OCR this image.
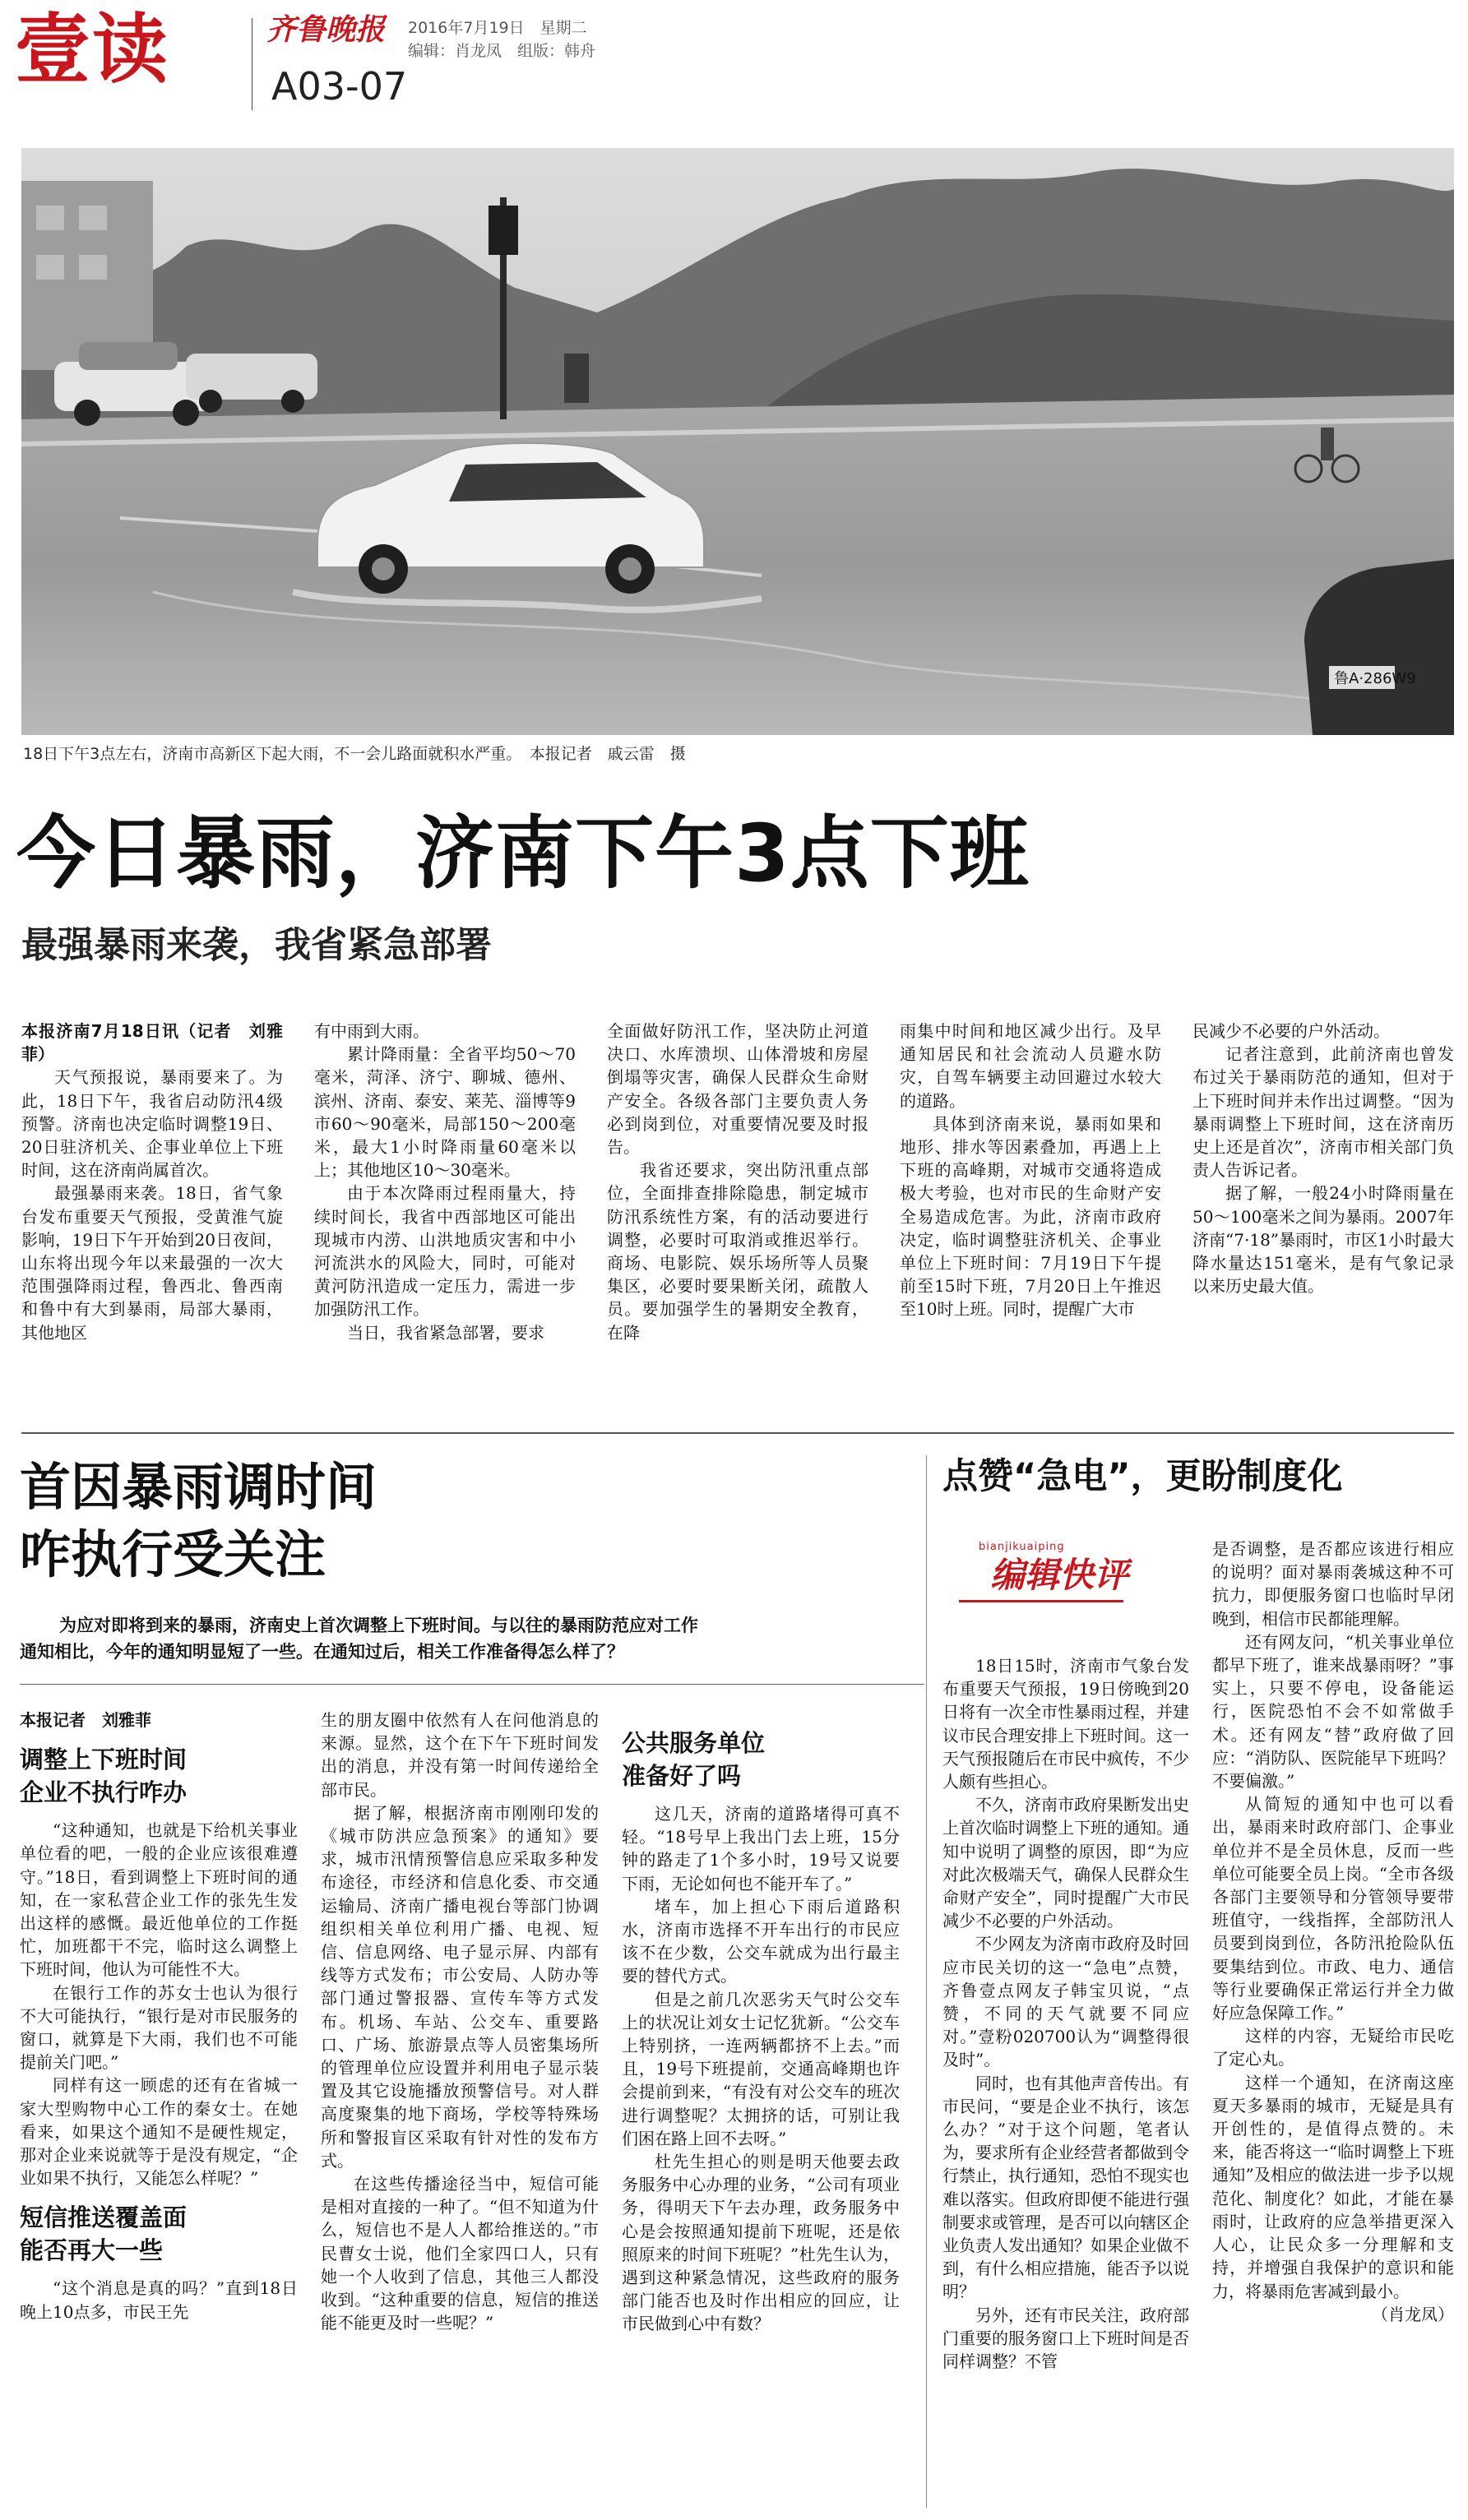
壹读	齐鲁晚报 2016年7月19日　星期二
编辑：肖龙凤　组版：韩舟
A03-07
鲁A·286W9
18日下午3点左右，济南市高新区下起大雨，不一会儿路面就积水严重。　本报记者　戚云雷　摄
今日暴雨，济南下午3点下班
最强暴雨来袭，我省紧急部署

本报济南7月18日讯（记者　刘雅菲）

天气预报说，暴雨要来了。为此，18日下午，我省启动防汛4级预警。济南也决定临时调整19日、20日驻济机关、企事业单位上下班时间，这在济南尚属首次。

最强暴雨来袭。18日，省气象台发布重要天气预报，受黄淮气旋影响，19日下午开始到20日夜间，山东将出现今年以来最强的一次大范围强降雨过程，鲁西北、鲁西南和鲁中有大到暴雨，局部大暴雨，其他地区

有中雨到大雨。

累计降雨量：全省平均50～70毫米，菏泽、济宁、聊城、德州、滨州、济南、泰安、莱芜、淄博等9市60～90毫米，局部150～200毫米，最大1小时降雨量60毫米以上；其他地区10～30毫米。

由于本次降雨过程雨量大，持续时间长，我省中西部地区可能出现城市内涝、山洪地质灾害和中小河流洪水的风险大，同时，可能对黄河防汛造成一定压力，需进一步加强防汛工作。

当日，我省紧急部署，要求

全面做好防汛工作，坚决防止河道决口、水库溃坝、山体滑坡和房屋倒塌等灾害，确保人民群众生命财产安全。各级各部门主要负责人务必到岗到位，对重要情况要及时报告。

我省还要求，突出防汛重点部位，全面排查排除隐患，制定城市防汛系统性方案，有的活动要进行调整，必要时可取消或推迟举行。商场、电影院、娱乐场所等人员聚集区，必要时要果断关闭，疏散人员。要加强学生的暑期安全教育，在降

雨集中时间和地区减少出行。及早通知居民和社会流动人员避水防灾，自驾车辆要主动回避过水较大的道路。

具体到济南来说，暴雨如果和地形、排水等因素叠加，再遇上上下班的高峰期，对城市交通将造成极大考验，也对市民的生命财产安全易造成危害。为此，济南市政府决定，临时调整驻济机关、企事业单位上下班时间：7月19日下午提前至15时下班，7月20日上午推迟至10时上班。同时，提醒广大市

民减少不必要的户外活动。

记者注意到，此前济南也曾发布过关于暴雨防范的通知，但对于上下班时间并未作出过调整。“因为暴雨调整上下班时间，这在济南历史上还是首次”，济南市相关部门负责人告诉记者。

据了解，一般24小时降雨量在50～100毫米之间为暴雨。2007年济南“7·18”暴雨时，市区1小时最大降水量达151毫米，是有气象记录以来历史最大值。

首因暴雨调时间
咋执行受关注
为应对即将到来的暴雨，济南史上首次调整上下班时间。与以往的暴雨防范应对工作
通知相比，今年的通知明显短了一些。在通知过后，相关工作准备得怎么样了？

本报记者　刘雅菲

调整上下班时间
企业不执行咋办

“这种通知，也就是下给机关事业单位看的吧，一般的企业应该很难遵守。”18日，看到调整上下班时间的通知，在一家私营企业工作的张先生发出这样的感慨。最近他单位的工作挺忙，加班都干不完，临时这么调整上下班时间，他认为可能性不大。

在银行工作的苏女士也认为很行不大可能执行，“银行是对市民服务的窗口，就算是下大雨，我们也不可能提前关门吧。”

同样有这一顾虑的还有在省城一家大型购物中心工作的秦女士。在她看来，如果这个通知不是硬性规定，那对企业来说就等于是没有规定，“企业如果不执行，又能怎么样呢？”

短信推送覆盖面
能否再大一些

“这个消息是真的吗？”直到18日晚上10点多，市民王先

生的朋友圈中依然有人在问他消息的来源。显然，这个在下午下班时间发出的消息，并没有第一时间传递给全部市民。

据了解，根据济南市刚刚印发的《城市防洪应急预案》的通知》要求，城市汛情预警信息应采取多种发布途径，市经济和信息化委、市交通运输局、济南广播电视台等部门协调组织相关单位利用广播、电视、短信、信息网络、电子显示屏、内部有线等方式发布；市公安局、人防办等部门通过警报器、宣传车等方式发布。机场、车站、公交车、重要路口、广场、旅游景点等人员密集场所的管理单位应设置并利用电子显示装置及其它设施播放预警信号。对人群高度聚集的地下商场，学校等特殊场所和警报盲区采取有针对性的发布方式。

在这些传播途径当中，短信可能是相对直接的一种了。“但不知道为什么，短信也不是人人都给推送的。”市民曹女士说，他们全家四口人，只有她一个人收到了信息，其他三人都没收到。“这种重要的信息，短信的推送能不能更及时一些呢？”

公共服务单位
准备好了吗

这几天，济南的道路堵得可真不轻。“18号早上我出门去上班，15分钟的路走了1个多小时，19号又说要下雨，无论如何也不能开车了。”

堵车，加上担心下雨后道路积水，济南市选择不开车出行的市民应该不在少数，公交车就成为出行最主要的替代方式。

但是之前几次恶劣天气时公交车上的状况让刘女士记忆犹新。“公交车上特别挤，一连两辆都挤不上去。”而且，19号下班提前，交通高峰期也许会提前到来，“有没有对公交车的班次进行调整呢？太拥挤的话，可别让我们困在路上回不去呀。”

杜先生担心的则是明天他要去政务服务中心办理的业务，“公司有项业务，得明天下午去办理，政务服务中心是会按照通知提前下班呢，还是依照原来的时间下班呢？”杜先生认为，遇到这种紧急情况，这些政府的服务部门能否也及时作出相应的回应，让市民做到心中有数？

点赞“急电”，更盼制度化
bianjikuaiping
编辑快评

18日15时，济南市气象台发布重要天气预报，19日傍晚到20日将有一次全市性暴雨过程，并建议市民合理安排上下班时间。这一天气预报随后在市民中疯传，不少人颇有些担心。

不久，济南市政府果断发出史上首次临时调整上下班的通知。通知中说明了调整的原因，即“为应对此次极端天气，确保人民群众生命财产安全”，同时提醒广大市民减少不必要的户外活动。

不少网友为济南市政府及时回应市民关切的这一“急电”点赞，齐鲁壹点网友子韩宝贝说，“点赞，不同的天气就要不同应对。”壹粉020700认为“调整得很及时”。

同时，也有其他声音传出。有市民问，“要是企业不执行，该怎么办？”对于这个问题，笔者认为，要求所有企业经营者都做到令行禁止，执行通知，恐怕不现实也难以落实。但政府即便不能进行强制要求或管理，是否可以向辖区企业负责人发出通知？如果企业做不到，有什么相应措施，能否予以说明？

另外，还有市民关注，政府部门重要的服务窗口上下班时间是否同样调整？不管

是否调整，是否都应该进行相应的说明？面对暴雨袭城这种不可抗力，即便服务窗口也临时早闭晚到，相信市民都能理解。

还有网友问，“机关事业单位都早下班了，谁来战暴雨呀？”事实上，只要不停电，设备能运行，医院恐怕不会不如常做手术。还有网友“替”政府做了回应：“消防队、医院能早下班吗？不要偏激。”

从简短的通知中也可以看出，暴雨来时政府部门、企事业单位并不是全员休息，反而一些单位可能要全员上岗。“全市各级各部门主要领导和分管领导要带班值守，一线指挥，全部防汛人员要到岗到位，各防汛抢险队伍要集结到位。市政、电力、通信等行业要确保正常运行并全力做好应急保障工作。”

这样的内容，无疑给市民吃了定心丸。

这样一个通知，在济南这座夏天多暴雨的城市，无疑是具有开创性的，是值得点赞的。未来，能否将这一“临时调整上下班通知”及相应的做法进一步予以规范化、制度化？如此，才能在暴雨时，让政府的应急举措更深入人心，让民众多一分理解和支持，并增强自我保护的意识和能力，将暴雨危害减到最小。

（肖龙凤）
